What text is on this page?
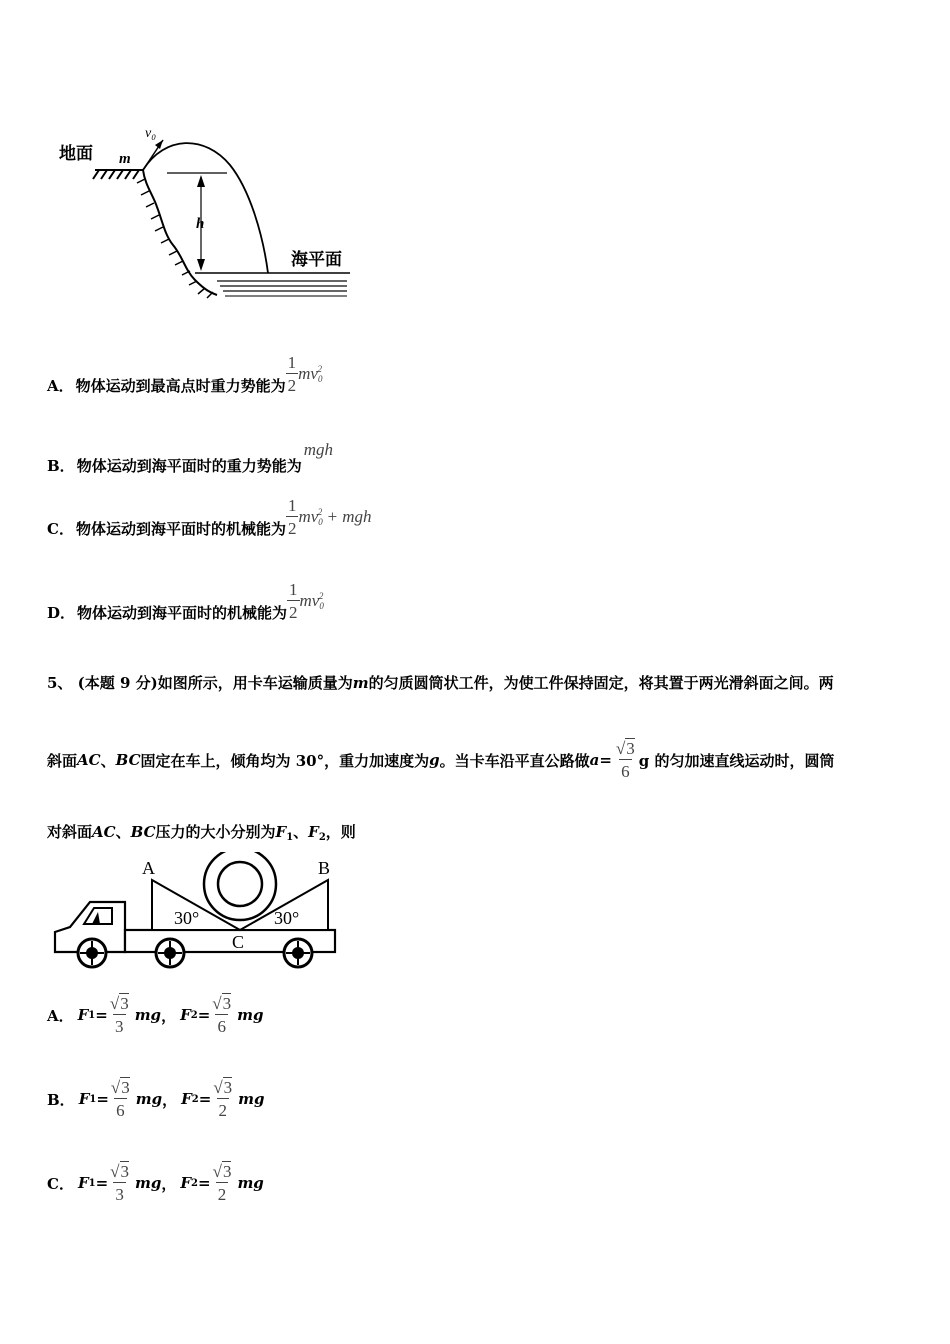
地面 m
v₀
h
海平面
A． 物体运动到最高点时重力势能为 $\frac{1}{2} mv_0^2$
B． 物体运动到海平面时的重力势能为
mgh
C． 物体运动到海平面时的机械能为 $\frac{1}{2} mv_0^2$ + mgh
D． 物体运动到海平面时的机械能为 $\frac{1}{2} mv_0^2$
5、 (本题 9 分)如图所示，用卡车运输质量为m的匀质圆筒状工件，为使工件保持固定，将其置于两光滑斜面之间。两
斜面 AC 、 BC 固定在车上，倾角均为 30°，重力加速度为 g 。当卡车沿平直公路做 $a = \frac{√3}{6}$ g 的匀加速直线运动时，圆筒
对斜面AC、BC压力的大小分别为$F_1$、$F_2$，则
A	B
C
30°	30°
A． F $1 = \frac{√3}{3}$ mg ， F $2 = \frac{√3}{6}$ mg
B． F $1 = \frac{√3}{6}$ mg ， F $2 = \frac{√3}{2}$ mg
C． F $1 = \frac{√3}{3}$ mg ， F $2 = \frac{√3}{2}$ mg
